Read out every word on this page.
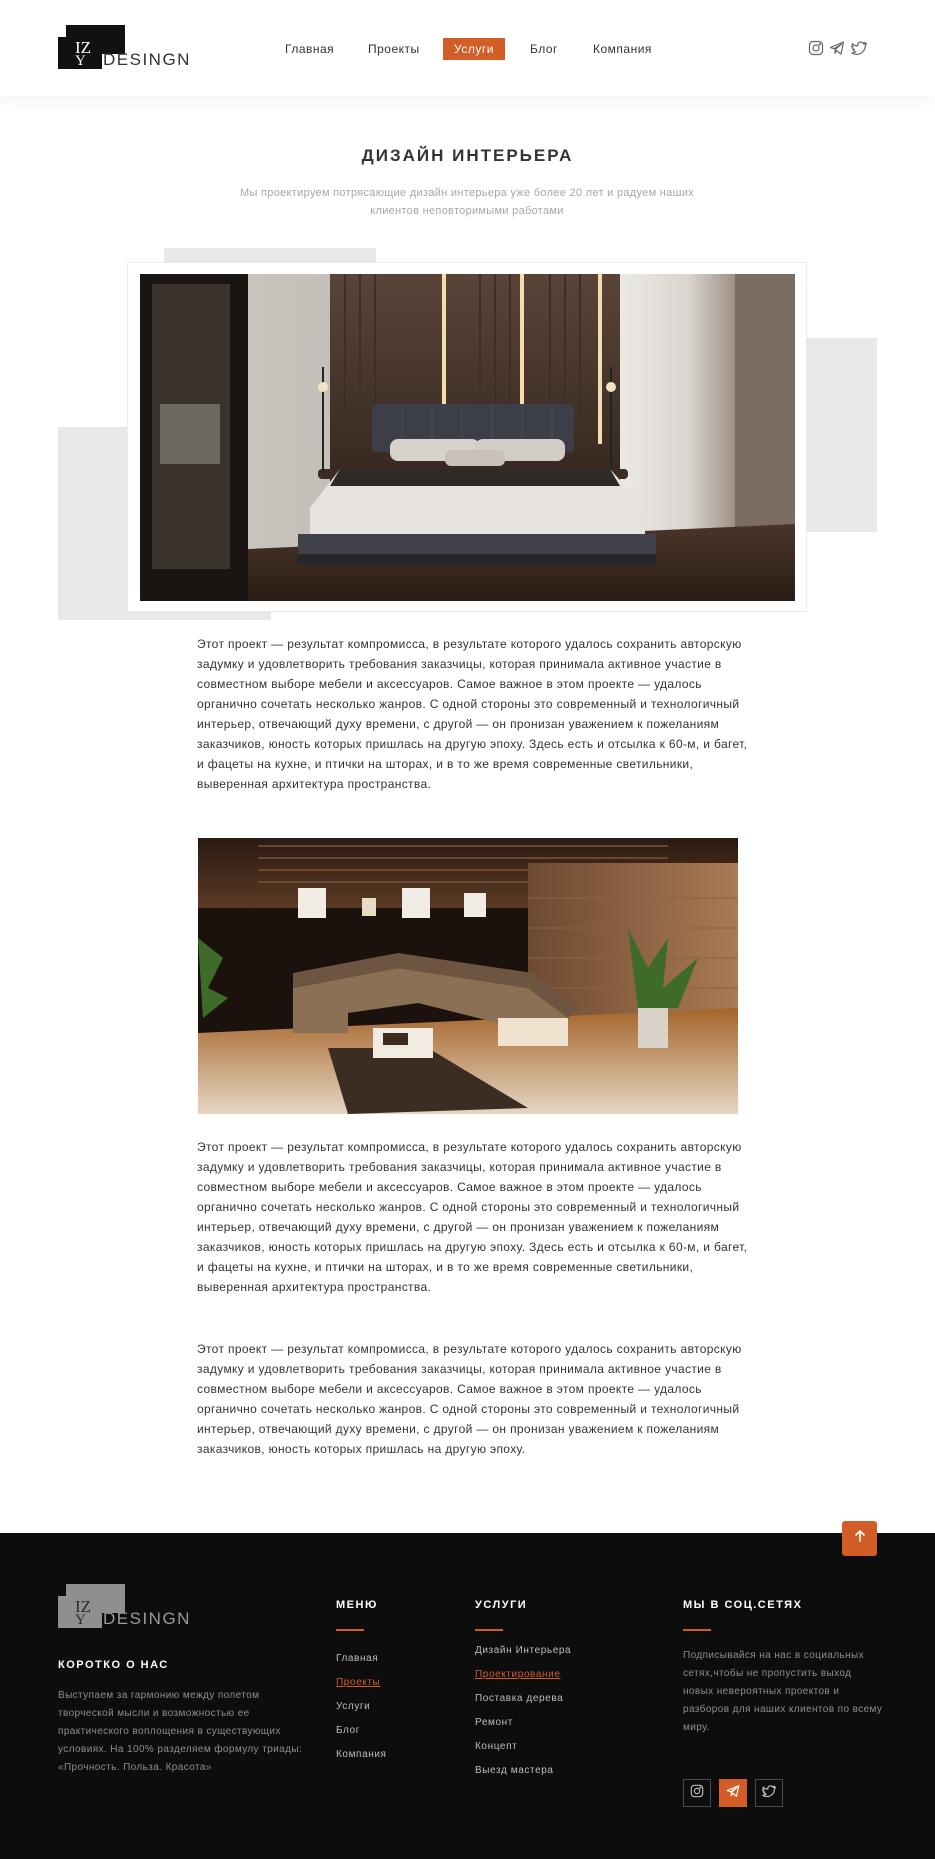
IZ
Y DESINGN
Главная	Проекты	Услуги	Блог	Компания
ДИЗАЙН ИНТЕРЬЕРА

Мы проектируем потрясающие дизайн интерьера уже более 20 лет и радуем наших клиентов неповторимыми работами

Этот проект — результат компромисса, в результате которого удалось сохранить авторскую задумку и удовлетворить требования заказчицы, которая принимала активное участие в совместном выборе мебели и аксессуаров. Самое важное в этом проекте — удалось органично сочетать несколько жанров. С одной стороны это современный и технологичный интерьер, отвечающий духу времени, с другой — он пронизан уважением к пожеланиям заказчиков, юность которых пришлась на другую эпоху. Здесь есть и отсылка к 60-м, и багет, и фацеты на кухне, и птички на шторах, и в то же время современные светильники, выверенная архитектура пространства.

Этот проект — результат компромисса, в результате которого удалось сохранить авторскую задумку и удовлетворить требования заказчицы, которая принимала активное участие в совместном выборе мебели и аксессуаров. Самое важное в этом проекте — удалось органично сочетать несколько жанров. С одной стороны это современный и технологичный интерьер, отвечающий духу времени, с другой — он пронизан уважением к пожеланиям заказчиков, юность которых пришлась на другую эпоху. Здесь есть и отсылка к 60-м, и багет, и фацеты на кухне, и птички на шторах, и в то же время современные светильники, выверенная архитектура пространства.

Этот проект — результат компромисса, в результате которого удалось сохранить авторскую задумку и удовлетворить требования заказчицы, которая принимала активное участие в совместном выборе мебели и аксессуаров. Самое важное в этом проекте — удалось органично сочетать несколько жанров. С одной стороны это современный и технологичный интерьер, отвечающий духу времени, с другой — он пронизан уважением к пожеланиям заказчиков, юность которых пришлась на другую эпоху.

IZ
Y DESINGN
КОРОТКО О НАС

Выступаем за гармонию между полетом творческой мысли и возможностью ее практического воплощения в существующих условиях. На 100% разделяем формулу триады: «Прочность. Польза. Красота»

МЕНЮ
Главная
Проекты
Услуги
Блог
Компания
УСЛУГИ
Дизайн Интерьера
Проектирование
Поставка дерева
Ремонт
Концепт
Выезд мастера
МЫ В СОЦ.СЕТЯХ

Подписывайся на нас в социальных сетях,чтобы не пропустить выход новых невероятных проектов и разборов для наших клиентов по всему миру.
